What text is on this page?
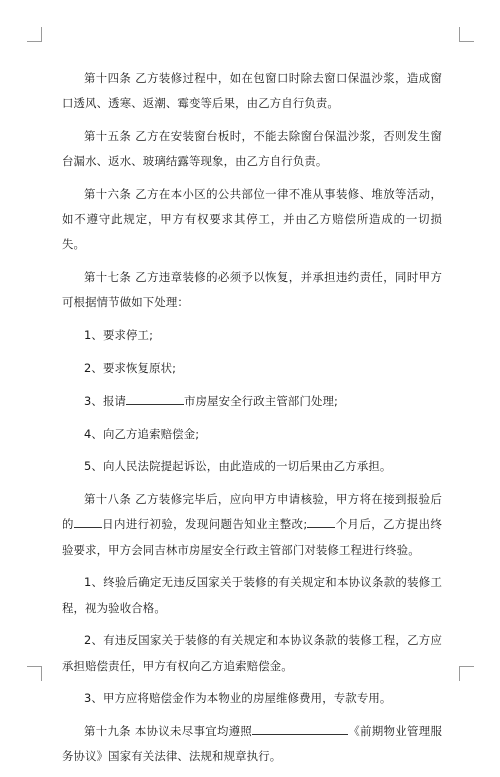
第十四条 乙方装修过程中，如在包窗口时除去窗口保温沙浆，造成窗口透风、透寒、返潮、霉变等后果，由乙方自行负责。

第十五条 乙方在安装窗台板时，不能去除窗台保温沙浆，否则发生窗台漏水、返水、玻璃结露等现象，由乙方自行负责。

第十六条 乙方在本小区的公共部位一律不准从事装修、堆放等活动，如不遵守此规定，甲方有权要求其停工，并由乙方赔偿所造成的一切损失。

第十七条 乙方违章装修的必须予以恢复，并承担违约责任，同时甲方可根据情节做如下处理：

1、要求停工;

2、要求恢复原状;

3、报请	市房屋安全行政主管部门处理;

4、向乙方追索赔偿金;

5、向人民法院提起诉讼，由此造成的一切后果由乙方承担。

第十八条 乙方装修完毕后，应向甲方申请核验，甲方将在接到报验后的 日内进行初验，发现问题告知业主整改; 个月后，乙方提出终验要求，甲方会同吉林市房屋安全行政主管部门对装修工程进行终验。

1、终验后确定无违反国家关于装修的有关规定和本协议条款的装修工程，视为验收合格。

2、有违反国家关于装修的有关规定和本协议条款的装修工程，乙方应承担赔偿责任，甲方有权向乙方追索赔偿金。

3、甲方应将赔偿金作为本物业的房屋维修费用，专款专用。

第十九条 本协议未尽事宜均遵照	《前期物业管理服务协议》国家有关法律、法规和规章执行。
